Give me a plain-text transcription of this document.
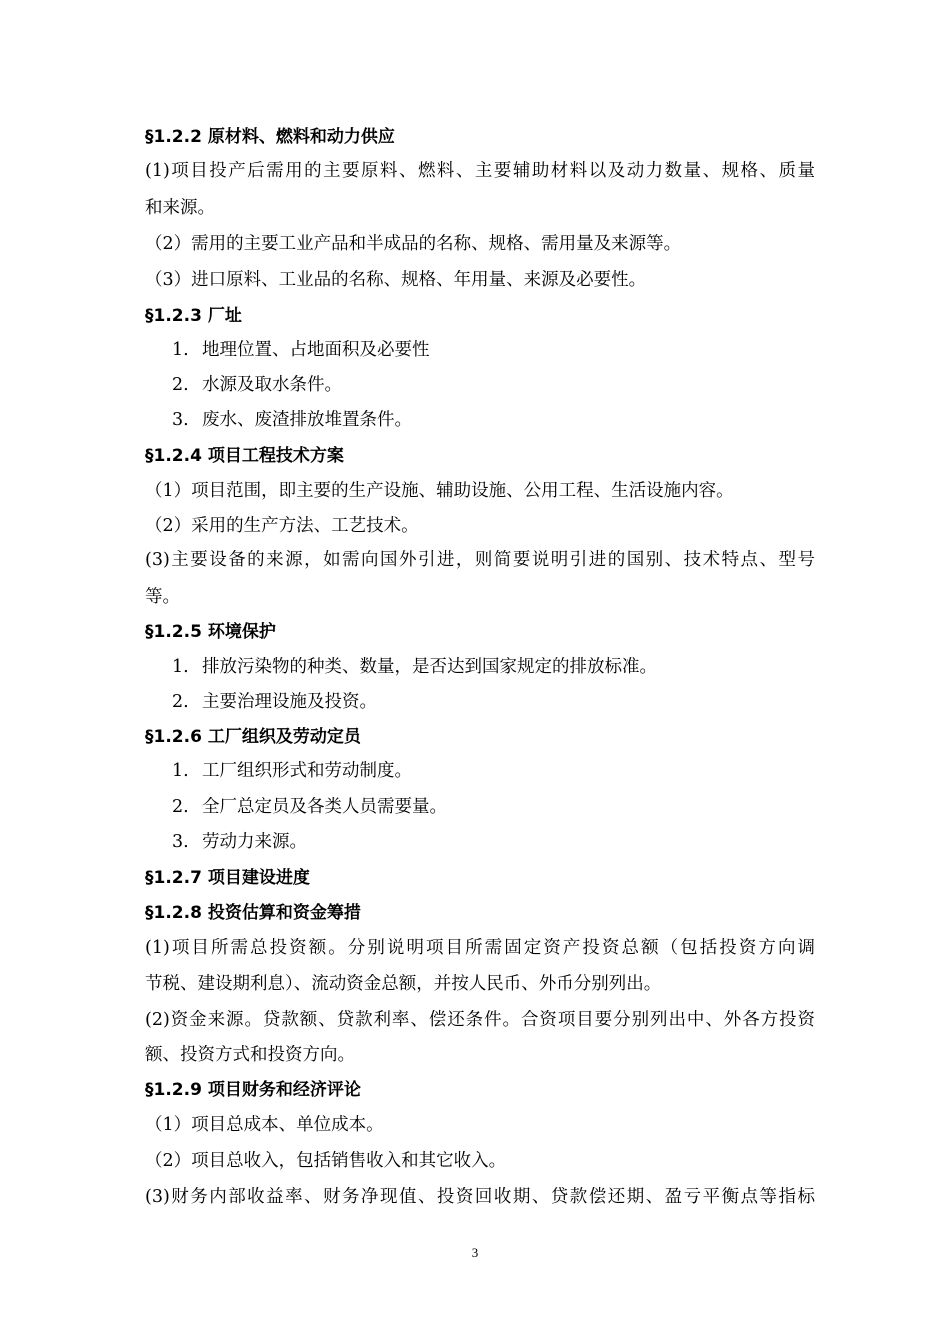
§1.2.2 原材料、燃料和动力供应
(1)项目投产后需用的主要原料、燃料、主要辅助材料以及动力数量、规格、质量
和来源。
（2）需用的主要工业产品和半成品的名称、规格、需用量及来源等。
（3）进口原料、工业品的名称、规格、年用量、来源及必要性。
§1.2.3 厂址
1. 地理位置、占地面积及必要性
2. 水源及取水条件。
3. 废水、废渣排放堆置条件。
§1.2.4 项目工程技术方案
（1）项目范围，即主要的生产设施、辅助设施、公用工程、生活设施内容。
（2）采用的生产方法、工艺技术。
(3)主要设备的来源，如需向国外引进，则简要说明引进的国别、技术特点、型号
等。
§1.2.5 环境保护
1. 排放污染物的种类、数量，是否达到国家规定的排放标准。
2. 主要治理设施及投资。
§1.2.6 工厂组织及劳动定员
1. 工厂组织形式和劳动制度。
2. 全厂总定员及各类人员需要量。
3. 劳动力来源。
§1.2.7 项目建设进度
§1.2.8 投资估算和资金筹措
(1)项目所需总投资额。分别说明项目所需固定资产投资总额（包括投资方向调
节税、建设期利息）、流动资金总额，并按人民币、外币分别列出。
(2)资金来源。贷款额、贷款利率、偿还条件。合资项目要分别列出中、外各方投资
额、投资方式和投资方向。
§1.2.9 项目财务和经济评论
（1）项目总成本、单位成本。
（2）项目总收入，包括销售收入和其它收入。
(3)财务内部收益率、财务净现值、投资回收期、贷款偿还期、盈亏平衡点等指标
3
